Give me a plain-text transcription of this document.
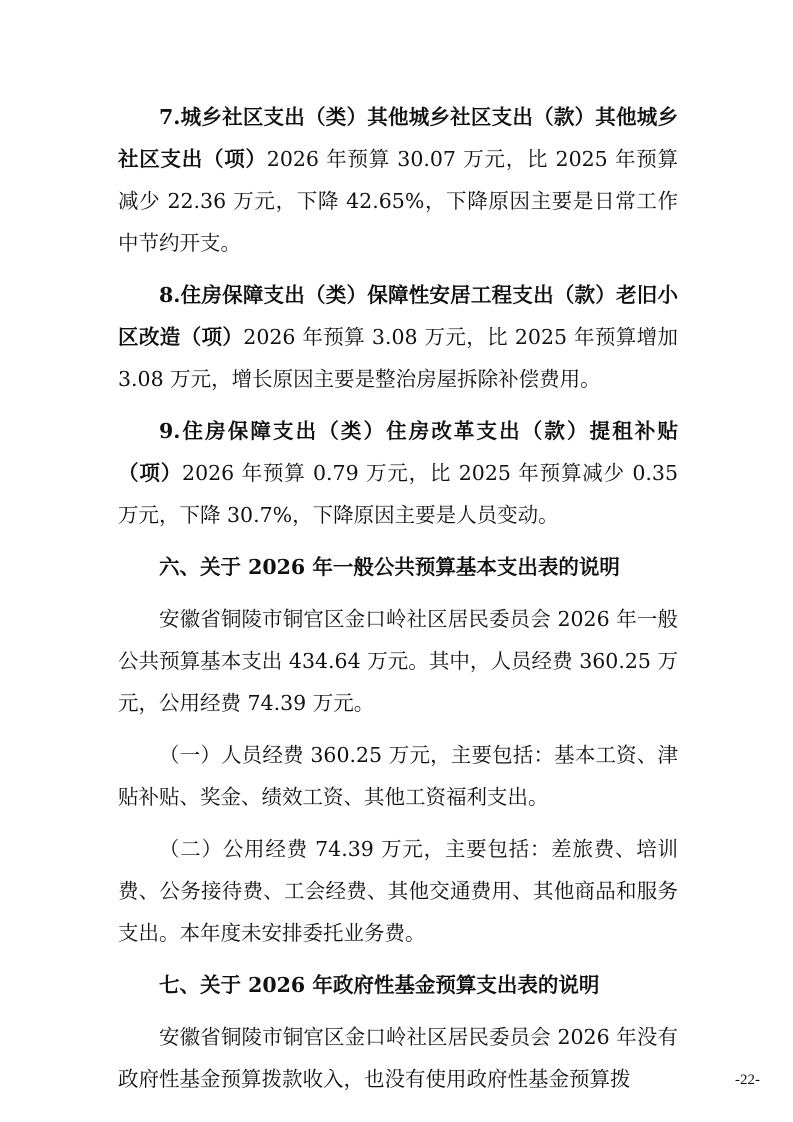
7.城乡社区支出（类）其他城乡社区支出（款）其他城乡社区支出（项）2026 年预算 30.07 万元，比 2025 年预算减少 22.36 万元，下降 42.65%，下降原因主要是日常工作中节约开支。

8.住房保障支出（类）保障性安居工程支出（款）老旧小区改造（项）2026 年预算 3.08 万元，比 2025 年预算增加 3.08 万元，增长原因主要是整治房屋拆除补偿费用。

9.住房保障支出（类）住房改革支出（款）提租补贴（项）2026 年预算 0.79 万元，比 2025 年预算减少 0.35 万元，下降 30.7%，下降原因主要是人员变动。

六、关于 2026 年一般公共预算基本支出表的说明

安徽省铜陵市铜官区金口岭社区居民委员会 2026 年一般公共预算基本支出 434.64 万元。其中，人员经费 360.25 万元，公用经费 74.39 万元。

（一）人员经费 360.25 万元，主要包括：基本工资、津贴补贴、奖金、绩效工资、其他工资福利支出。

（二）公用经费 74.39 万元，主要包括：差旅费、培训费、公务接待费、工会经费、其他交通费用、其他商品和服务支出。本年度未安排委托业务费。

七、关于 2026 年政府性基金预算支出表的说明

安徽省铜陵市铜官区金口岭社区居民委员会 2026 年没有政府性基金预算拨款收入，也没有使用政府性基金预算拨	-22-
